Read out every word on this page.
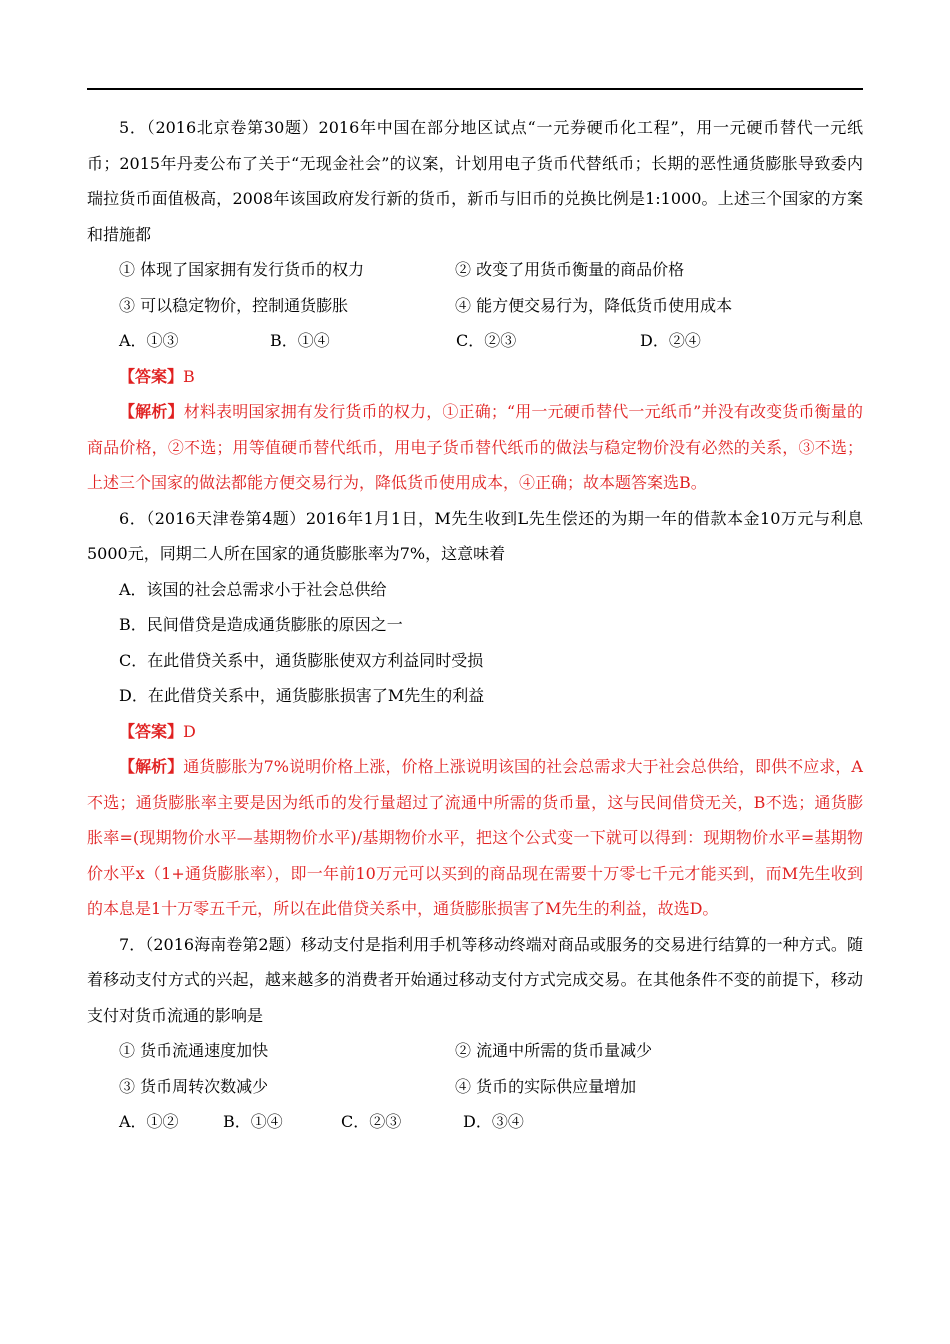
5．（2016北京卷第30题）2016年中国在部分地区试点“一元券硬币化工程”，用一元硬币替代一元纸币；2015年丹麦公布了关于“无现金社会”的议案，计划用电子货币代替纸币；长期的恶性通货膨胀导致委内瑞拉货币面值极高，2008年该国政府发行新的货币，新币与旧币的兑换比例是1:1000。上述三个国家的方案和措施都

① 体现了国家拥有发行货币的权力	② 改变了用货币衡量的商品价格
③ 可以稳定物价，控制通货膨胀	④ 能方便交易行为，降低货币使用成本
A．①③	B．①④	C．②③	D．②④

【答案】B

【解析】材料表明国家拥有发行货币的权力，①正确；“用一元硬币替代一元纸币”并没有改变货币衡量的商品价格，②不选；用等值硬币替代纸币，用电子货币替代纸币的做法与稳定物价没有必然的关系，③不选；上述三个国家的做法都能方便交易行为，降低货币使用成本，④正确；故本题答案选B。

6．（2016天津卷第4题）2016年1月1日，M先生收到L先生偿还的为期一年的借款本金10万元与利息5000元，同期二人所在国家的通货膨胀率为7%，这意味着

A．该国的社会总需求小于社会总供给

B．民间借贷是造成通货膨胀的原因之一

C．在此借贷关系中，通货膨胀使双方利益同时受损

D．在此借贷关系中，通货膨胀损害了M先生的利益

【答案】D

【解析】通货膨胀为7%说明价格上涨，价格上涨说明该国的社会总需求大于社会总供给，即供不应求，A不选；通货膨胀率主要是因为纸币的发行量超过了流通中所需的货币量，这与民间借贷无关，B不选；通货膨胀率=(现期物价水平—基期物价水平)/基期物价水平，把这个公式变一下就可以得到：现期物价水平=基期物价水平x（1+通货膨胀率），即一年前10万元可以买到的商品现在需要十万零七千元才能买到，而M先生收到的本息是1十万零五千元，所以在此借贷关系中，通货膨胀损害了M先生的利益，故选D。

7．（2016海南卷第2题）移动支付是指利用手机等移动终端对商品或服务的交易进行结算的一种方式。随着移动支付方式的兴起，越来越多的消费者开始通过移动支付方式完成交易。在其他条件不变的前提下，移动支付对货币流通的影响是

① 货币流通速度加快	② 流通中所需的货币量减少
③ 货币周转次数减少	④ 货币的实际供应量增加
A．①②	B．①④	C．②③	D．③④
